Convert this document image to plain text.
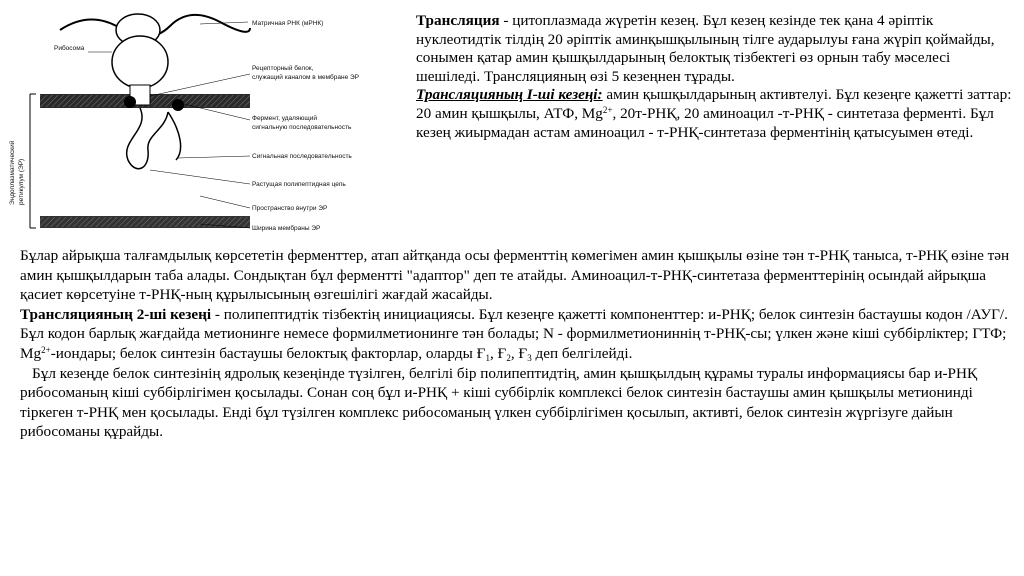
Матричная РНК (мРНК)
Рибосома
Рецепторный белок,
служащий каналом в мембране ЭР
Фермент, удаляющий
сигнальную последовательность
Сигнальная последовательность
Растущая полипептидная цепь
Пространство внутри ЭР
Ширина мембраны ЭР
Эндоплазматический ретикулум (ЭР)

Трансляция - цитоплазмада жүретін кезең. Бұл кезең кезінде тек қана 4 әріптік нуклеотидтік тілдің 20 әріптік аминқышқылының тілге аударылуы ғана жүріп қоймайды, сонымен қатар амин қышқылдарының белоктық тізбектегі өз орнын табу мәселесі шешіледі. Трансляцияның өзі 5 кезеңнен тұрады.

Трансляцияның І-ші кезеңі: амин қышқылдарының активтелуі. Бұл кезеңге қажетті заттар: 20 амин қышқылы, АТФ, $Mg^{2+}$, 20т-РНҚ, 20 аминоацил -т-РНҚ - синтетаза ферменті. Бұл кезең жиырмадан астам аминоацил - т-РНҚ-синтетаза ферментінің қатысуымен өтеді.

Бұлар айрықша талғамдылық көрсететін ферменттер, атап айтқанда осы ферменттің көмегімен амин қышқылы өзіне тән т-РНҚ таныса, т-РНҚ өзіне тән амин қышқылдарын таба алады. Сондықтан бұл ферментті "адаптор" деп те атайды. Аминоацил-т-РНҚ-синтетаза ферменттерінің осындай айрықша қасиет көрсетуіне т-РНҚ-ның құрылысының өзгешілігі жағдай жасайды.

Трансляцияның 2-ші кезеңі - полипептидтік тізбектің инициациясы. Бұл кезеңге қажетті компоненттер: и-РНҚ; белок синтезін бастаушы кодон /АУГ/. Бұл кодон барлық жағдайда метионинге немесе формилметионинге тән болады; N - формилметиониннің т-РНҚ-сы; үлкен және кіші суббірліктер; ГТФ; $Mg^{2+}$-иондары; белок синтезін бастаушы белоктық факторлар, оларды $Ғ_1$, $Ғ_2$, $Ғ_3$ деп белгілейді.

Бұл кезеңде белок синтезінің ядролық кезеңінде түзілген, белгілі бір полипептидтің, амин қышқылдың құрамы туралы информациясы бар и-РНҚ рибосоманың кіші суббірлігімен қосылады. Сонан соң бұл и-РНҚ + кіші суббірлік комплексі белок синтезін бастаушы амин қышқылы метионинді тіркеген т-РНҚ мен қосылады. Енді бұл түзілген комплекс рибосоманың үлкен суббірлігімен қосылып, активті, белок синтезін жүргізуге дайын рибосоманы құрайды.
